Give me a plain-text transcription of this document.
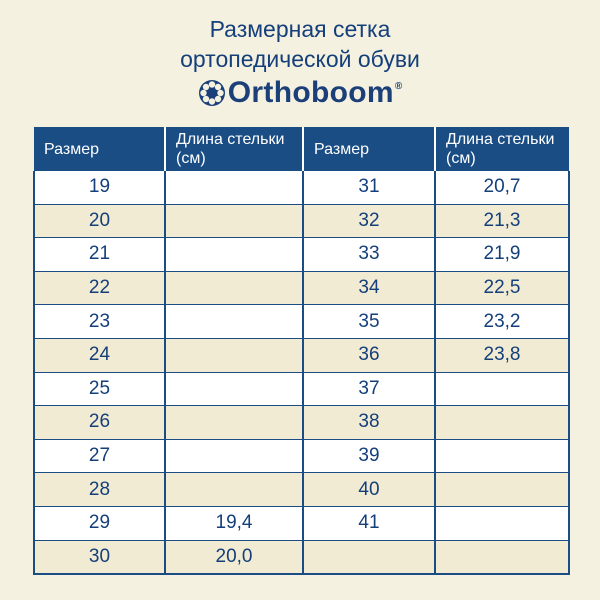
Размерная сетка
ортопедической обуви
Orthoboom ®
Размер	Длина стельки (см)	Размер	Длина стельки (см)
19		31	20,7
20		32	21,3
21		33	21,9
22		34	22,5
23		35	23,2
24		36	23,8
25		37	
26		38	
27		39	
28		40	
29	19,4	41	
30	20,0		
